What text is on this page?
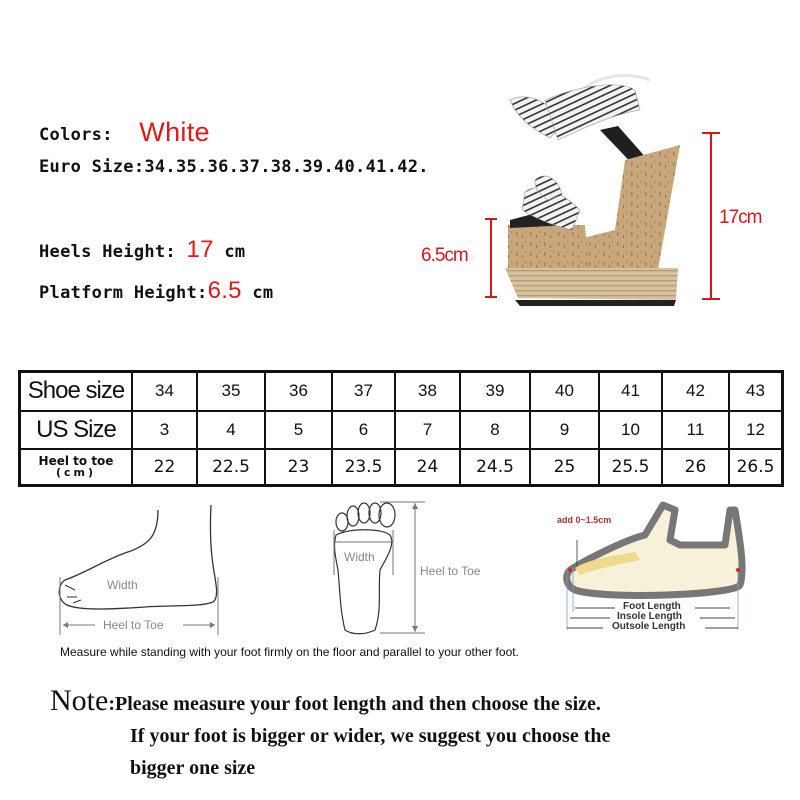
Colors: White
Euro Size:34.35.36.37.38.39.40.41.42.
Heels Height: 17 cm
Platform Height:6.5 cm
6.5cm
17cm
Shoe size	34	35	36	37	38	39	40	41	42	43
US Size	3	4	5	6	7	8	9	10	11	12

Heel to toe
(cm)	22	22.5	23	23.5	24	24.5	25	25.5	26	26.5
Width
Heel to Toe
Width
Heel to Toe
add 0~1.5cm
Foot Length
Insole Length
Outsole Length
Measure while standing with your foot firmly on the floor and parallel to your other foot.
Note:Please measure your foot length and then choose the size.
If your foot is bigger or wider, we suggest you choose the
bigger one size
